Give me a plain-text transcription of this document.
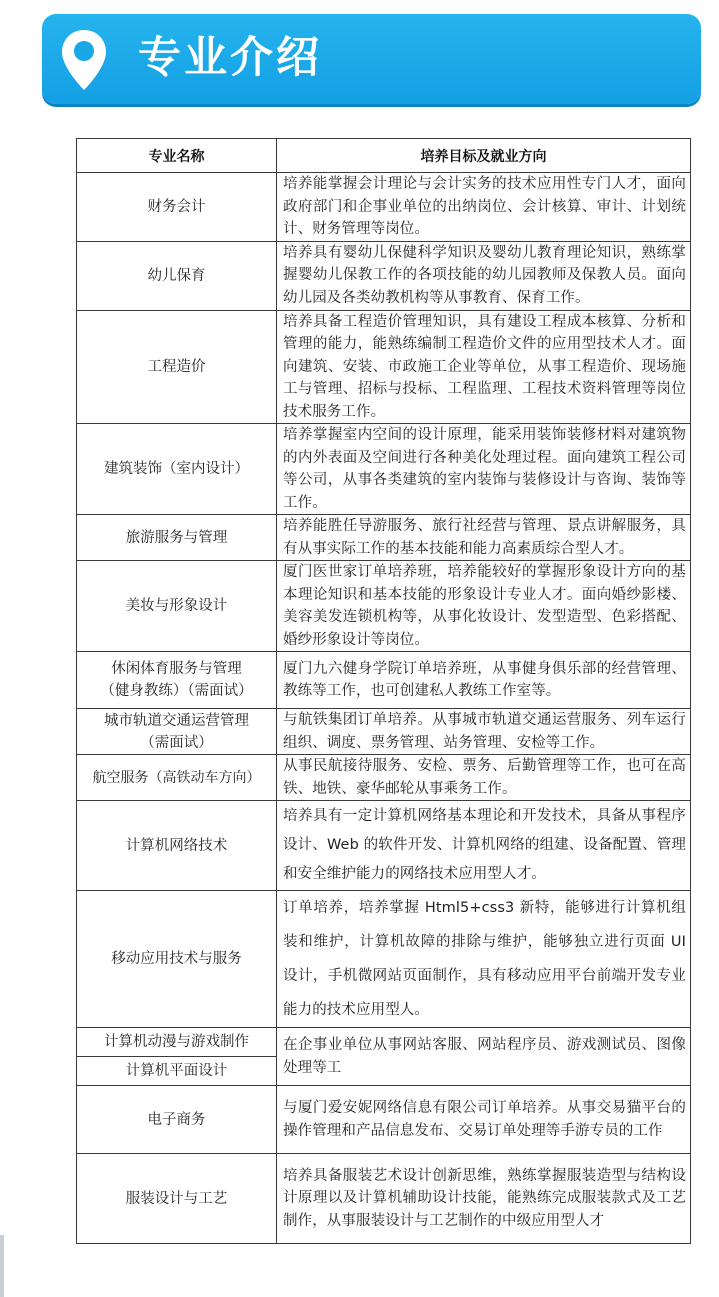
专业介绍
专业名称	培养目标及就业方向
财务会计	培养能掌握会计理论与会计实务的技术应用性专门人才，面向政府部门和企事业单位的出纳岗位、会计核算、审计、计划统计、财务管理等岗位。
幼儿保育	培养具有婴幼儿保健科学知识及婴幼儿教育理论知识，熟练掌握婴幼儿保教工作的各项技能的幼儿园教师及保教人员。面向幼儿园及各类幼教机构等从事教育、保育工作。
工程造价	培养具备工程造价管理知识，具有建设工程成本核算、分析和管理的能力，能熟练编制工程造价文件的应用型技术人才。面向建筑、安装、市政施工企业等单位，从事工程造价、现场施工与管理、招标与投标、工程监理、工程技术资料管理等岗位技术服务工作。
建筑装饰（室内设计）	培养掌握室内空间的设计原理，能采用装饰装修材料对建筑物的内外表面及空间进行各种美化处理过程。面向建筑工程公司等公司，从事各类建筑的室内装饰与装修设计与咨询、装饰等工作。
旅游服务与管理	培养能胜任导游服务、旅行社经营与管理、景点讲解服务，具有从事实际工作的基本技能和能力高素质综合型人才。
美妆与形象设计	厦门医世家订单培养班，培养能较好的掌握形象设计方向的基本理论知识和基本技能的形象设计专业人才。面向婚纱影楼、美容美发连锁机构等，从事化妆设计、发型造型、色彩搭配、婚纱形象设计等岗位。

休闲体育服务与管理
（健身教练）（需面试）	厦门九六健身学院订单培养班，从事健身俱乐部的经营管理、教练等工作，也可创建私人教练工作室等。

城市轨道交通运营管理
（需面试）	与航铁集团订单培养。从事城市轨道交通运营服务、列车运行组织、调度、票务管理、站务管理、安检等工作。
航空服务（高铁动车方向）	从事民航接待服务、安检、票务、后勤管理等工作，也可在高铁、地铁、豪华邮轮从事乘务工作。
计算机网络技术	培养具有一定计算机网络基本理论和开发技术，具备从事程序设计、Web 的软件开发、计算机网络的组建、设备配置、管理和安全维护能力的网络技术应用型人才。
移动应用技术与服务	订单培养，培养掌握 Html5+css3 新特，能够进行计算机组装和维护，计算机故障的排除与维护，能够独立进行页面 UI 设计，手机微网站页面制作，具有移动应用平台前端开发专业能力的技术应用型人。
计算机动漫与游戏制作	在企事业单位从事网站客服、网站程序员、游戏测试员、图像处理等工
计算机平面设计	
电子商务	与厦门爱安妮网络信息有限公司订单培养。从事交易猫平台的操作管理和产品信息发布、交易订单处理等手游专员的工作
服装设计与工艺	培养具备服装艺术设计创新思维，熟练掌握服装造型与结构设计原理以及计算机辅助设计技能，能熟练完成服装款式及工艺制作，从事服装设计与工艺制作的中级应用型人才
